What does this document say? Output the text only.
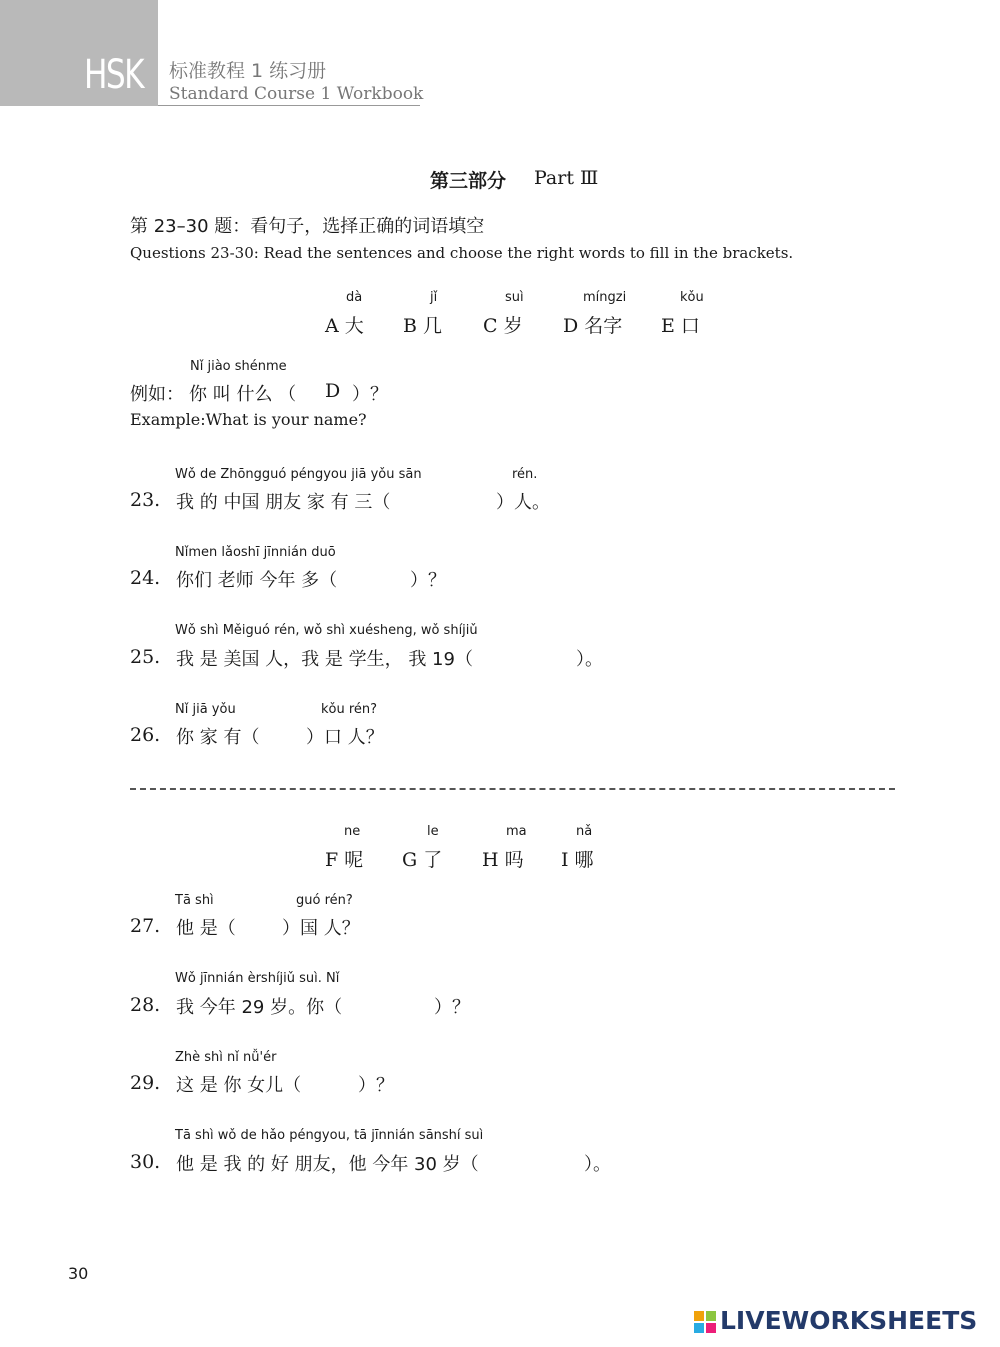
HSK 标准教程 1 练习册
Standard Course 1 Workbook
第三部分 Part Ⅲ
第 23–30 题：看句子，选择正确的词语填空
Questions 23-30: Read the sentences and choose the right words to fill in the brackets.
dà
A 大
jǐ
B 几
suì
C 岁
míngzi
D 名字
kǒu
E 口
Nǐ jiào shénme
例如： 你 叫 什么 （ D ）？
Example:What is your name?
Wǒ de Zhōngguó péngyou jiā yǒu sān	rén.
23. 我 的 中国 朋友 家 有 三（	）人。
Nǐmen lǎoshī jīnnián duō
24. 你们 老师 今年 多（	）？
Wǒ shì Měiguó rén, wǒ shì xuésheng, wǒ shíjiǔ
25. 我 是 美国 人，我 是 学生， 我 19（	）。
Nǐ jiā yǒu	kǒu rén?
26. 你 家 有（	）口 人？
ne
F 呢
le
G 了
ma
H 吗
nǎ
I 哪
Tā shì	guó rén?
27. 他 是（	）国 人？
Wǒ jīnnián èrshíjiǔ suì. Nǐ
28. 我 今年 29 岁。你（	）？
Zhè shì nǐ nǚ'ér
29. 这 是 你 女儿（	）？
Tā shì wǒ de hǎo péngyou, tā jīnnián sānshí suì
30. 他 是 我 的 好 朋友，他 今年 30 岁（	）。
30
LIVEWORKSHEETS
